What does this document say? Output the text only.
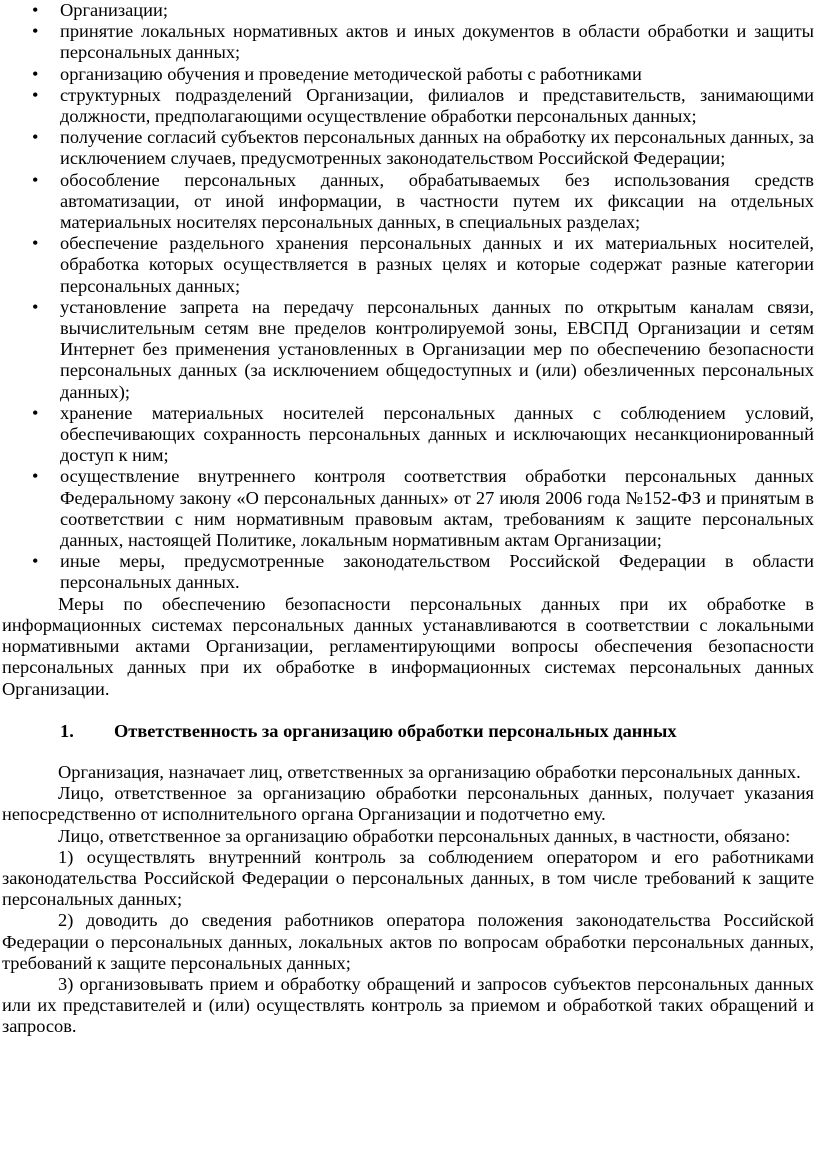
• Организации;
• принятие локальных нормативных актов и иных документов в области обработки и защиты персональных данных;
• организацию обучения и проведение методической работы с работниками
• структурных подразделений Организации, филиалов и представительств, занимающими должности, предполагающими осуществление обработки персональных данных;
• получение согласий субъектов персональных данных на обработку их персональных данных, за исключением случаев, предусмотренных законодательством Российской Федерации;
• обособление персональных данных, обрабатываемых без использования средств автоматизации, от иной информации, в частности путем их фиксации на отдельных материальных носителях персональных данных, в специальных разделах;
• обеспечение раздельного хранения персональных данных и их материальных носителей, обработка которых осуществляется в разных целях и которые содержат разные категории персональных данных;
• установление запрета на передачу персональных данных по открытым каналам связи, вычислительным сетям вне пределов контролируемой зоны, ЕВСПД Организации и сетям Интернет без применения установленных в Организации мер по обеспечению безопасности персональных данных (за исключением общедоступных и (или) обезличенных персональных данных);
• хранение материальных носителей персональных данных с соблюдением условий, обеспечивающих сохранность персональных данных и исключающих несанкционированный доступ к ним;
• осуществление внутреннего контроля соответствия обработки персональных данных Федеральному закону «О персональных данных» от 27 июля 2006 года №152-ФЗ и принятым в соответствии с ним нормативным правовым актам, требованиям к защите персональных данных, настоящей Политике, локальным нормативным актам Организации;
• иные меры, предусмотренные законодательством Российской Федерации в области персональных данных.

Меры по обеспечению безопасности персональных данных при их обработке в информационных системах персональных данных устанавливаются в соответствии с локальными нормативными актами Организации, регламентирующими вопросы обеспечения безопасности персональных данных при их обработке в информационных системах персональных данных Организации.

1. Ответственность за организацию обработки персональных данных

Организация, назначает лиц, ответственных за организацию обработки персональных данных.

Лицо, ответственное за организацию обработки персональных данных, получает указания непосредственно от исполнительного органа Организации и подотчетно ему.

Лицо, ответственное за организацию обработки персональных данных, в частности, обязано:

1) осуществлять внутренний контроль за соблюдением оператором и его работниками законодательства Российской Федерации о персональных данных, в том числе требований к защите персональных данных;

2) доводить до сведения работников оператора положения законодательства Российской Федерации о персональных данных, локальных актов по вопросам обработки персональных данных, требований к защите персональных данных;

3) организовывать прием и обработку обращений и запросов субъектов персональных данных или их представителей и (или) осуществлять контроль за приемом и обработкой таких обращений и запросов.
